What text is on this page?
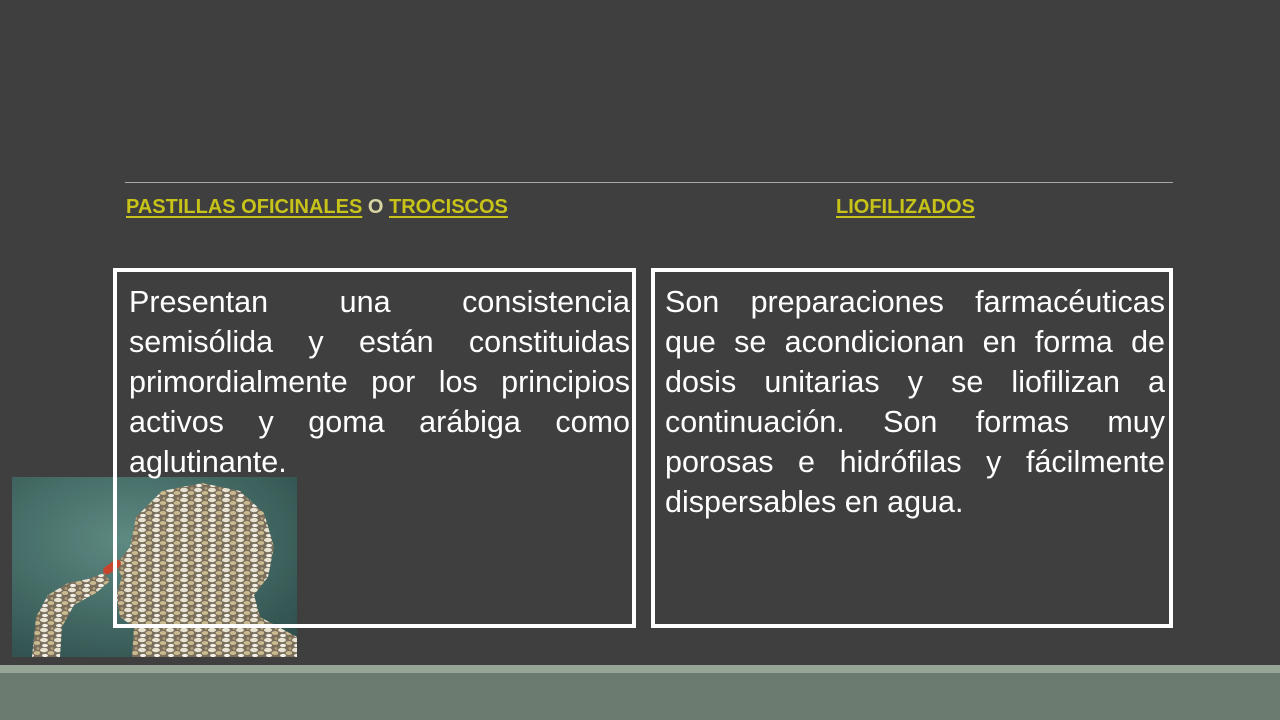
PASTILLAS OFICINALES O TROCISCOS	LIOFILIZADOS

Presentan una consistencia semisólida y están constituidas primordialmente por los principios activos y goma arábiga como aglutinante.

Son preparaciones farmacéuticas que se acondicionan en forma de dosis unitarias y se liofilizan a continuación. Son formas muy porosas e hidrófilas y fácilmente dispersables en agua.
